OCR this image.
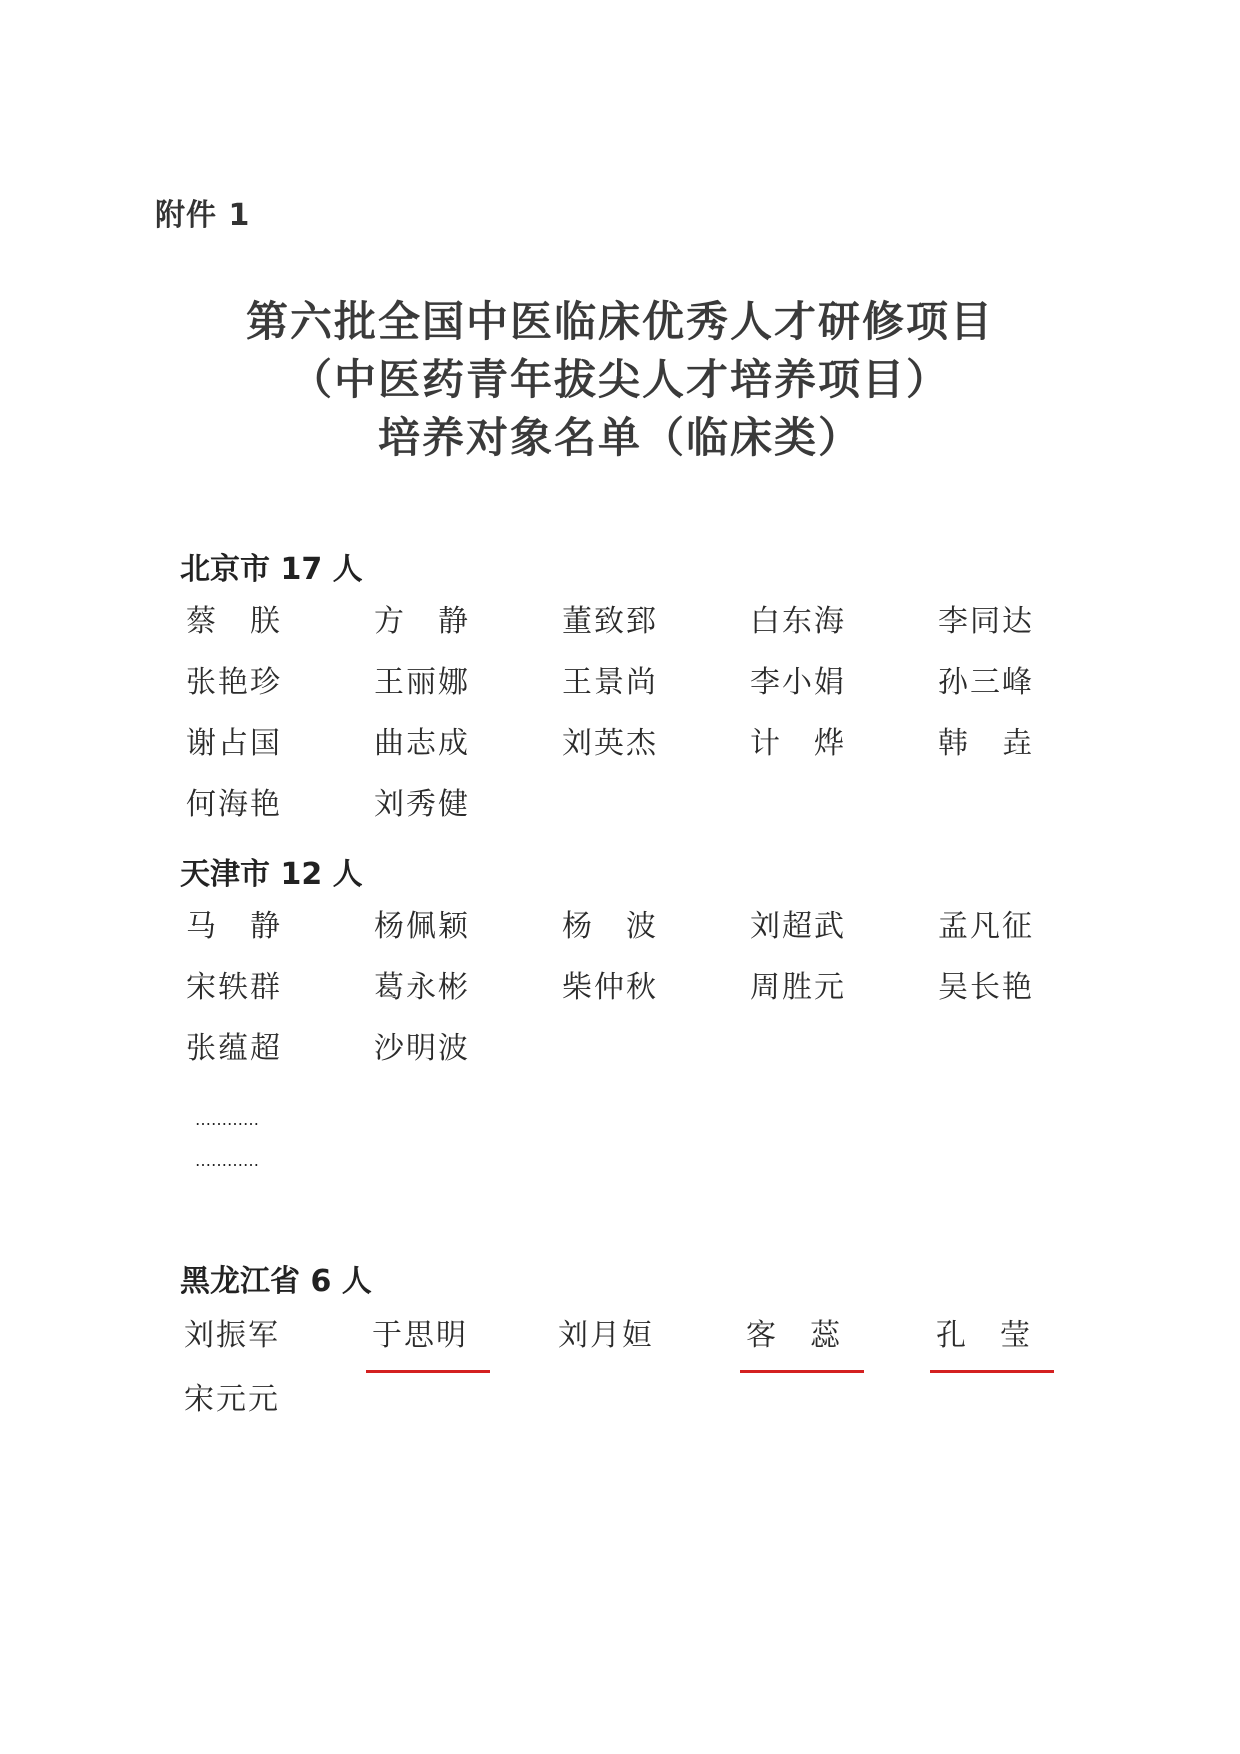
附件 1
第六批全国中医临床优秀人才研修项目
（中医药青年拔尖人才培养项目）
培养对象名单（临床类）
北京市 17 人
蔡　朕	方　静	董致郅	白东海	李同达
张艳珍	王丽娜	王景尚	李小娟	孙三峰
谢占国	曲志成	刘英杰	计　烨	韩　垚
何海艳	刘秀健
天津市 12 人
马　静	杨佩颖	杨　波	刘超武	孟凡征
宋轶群	葛永彬	柴仲秋	周胜元	吴长艳
张蕴超	沙明波
…………
…………
黑龙江省 6 人
刘振军	于思明	刘月姮	客　蕊	孔　莹
宋元元
